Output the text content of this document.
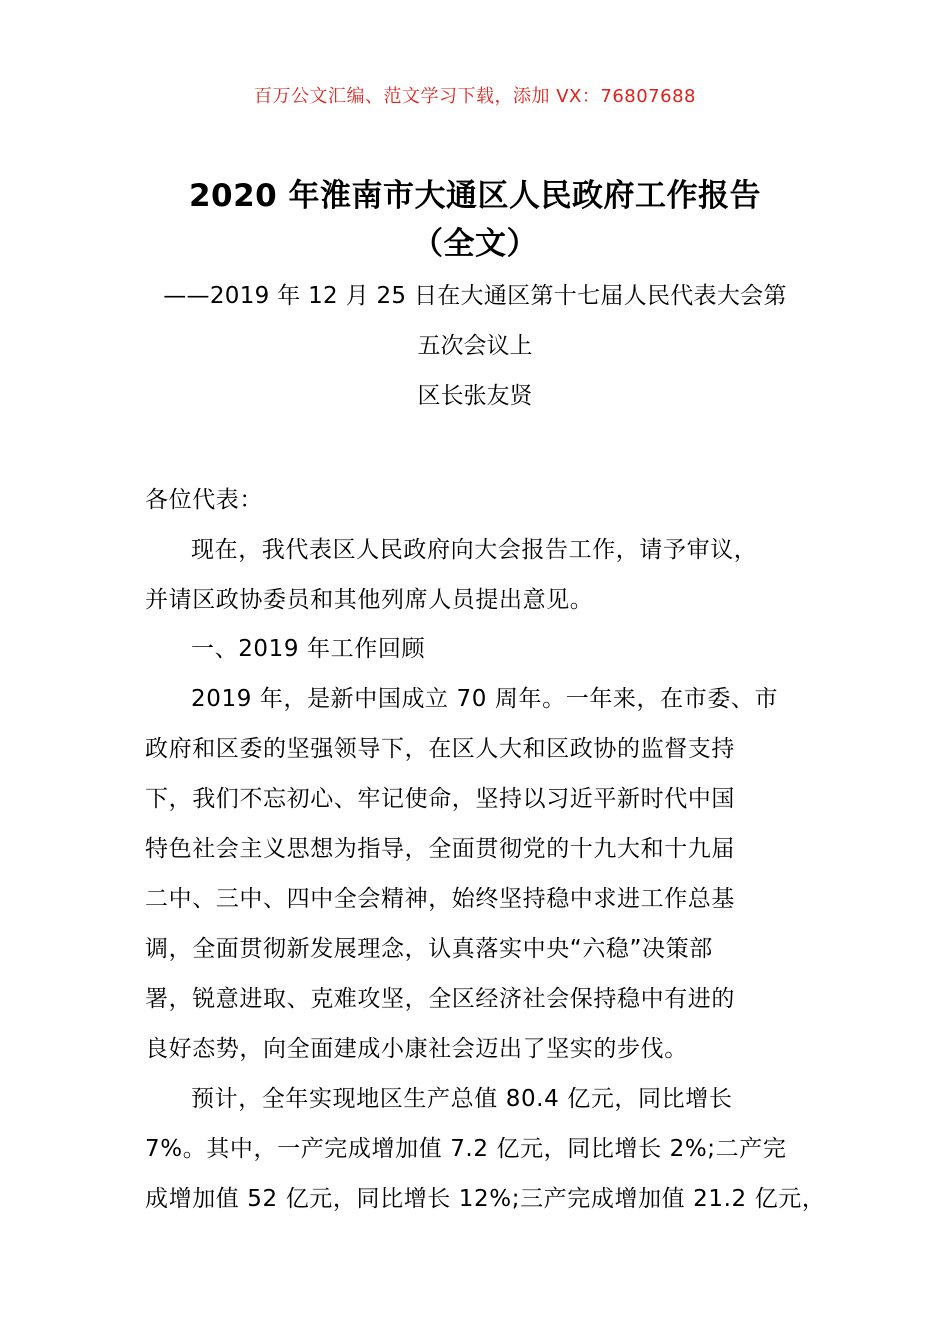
百万公文汇编、范文学习下载，添加 VX：76807688
2020 年淮南市大通区人民政府工作报告
（全文）
——2019 年 12 月 25 日在大通区第十七届人民代表大会第
五次会议上
区长张友贤
各位代表：
现在，我代表区人民政府向大会报告工作，请予审议，
并请区政协委员和其他列席人员提出意见。
一、2019 年工作回顾
2019 年，是新中国成立 70 周年。一年来，在市委、市
政府和区委的坚强领导下，在区人大和区政协的监督支持
下，我们不忘初心、牢记使命，坚持以习近平新时代中国
特色社会主义思想为指导，全面贯彻党的十九大和十九届
二中、三中、四中全会精神，始终坚持稳中求进工作总基
调，全面贯彻新发展理念，认真落实中央“六稳”决策部
署，锐意进取、克难攻坚，全区经济社会保持稳中有进的
良好态势，向全面建成小康社会迈出了坚实的步伐。
预计，全年实现地区生产总值 80.4 亿元，同比增长
7%。其中，一产完成增加值 7.2 亿元，同比增长 2%;二产完
成增加值 52 亿元，同比增长 12%;三产完成增加值 21.2 亿元，
